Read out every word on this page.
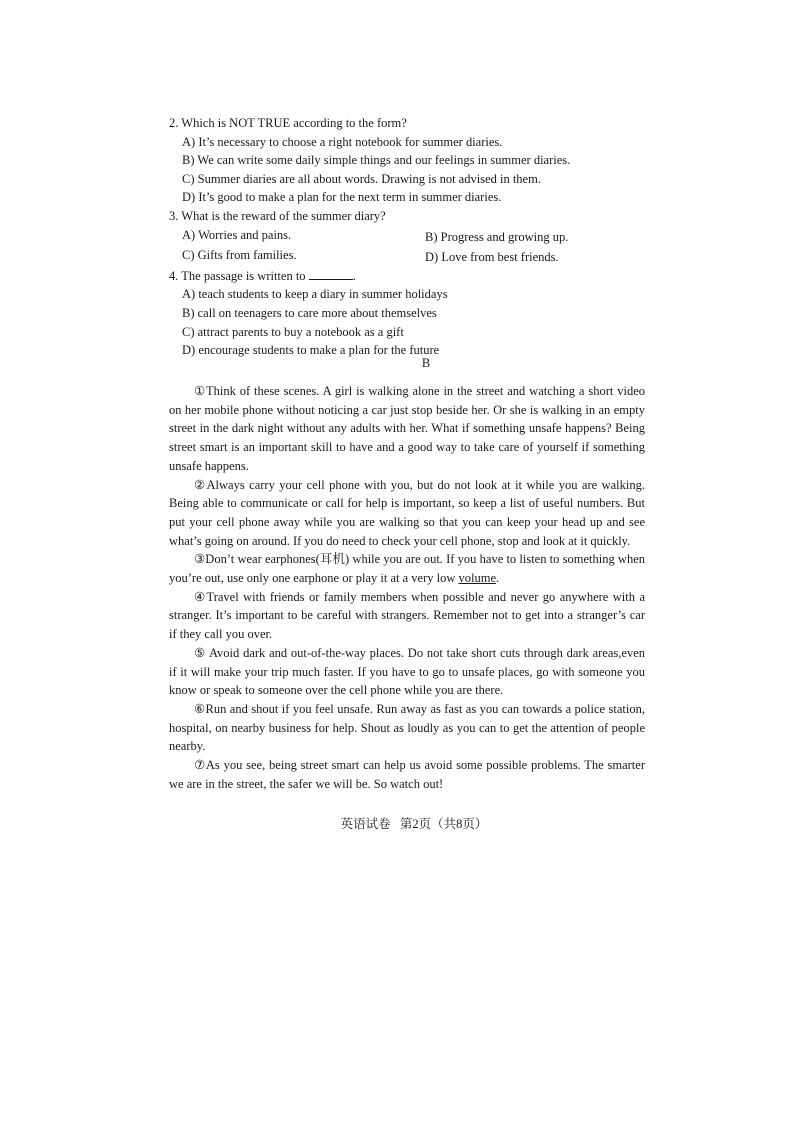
2. Which is NOT TRUE according to the form?

A) It’s necessary to choose a right notebook for summer diaries.

B) We can write some daily simple things and our feelings in summer diaries.

C) Summer diaries are all about words. Drawing is not advised in them.

D) It’s good to make a plan for the next term in summer diaries.

3. What is the reward of the summer diary?

A) Worries and pains.	B) Progress and growing up.

C) Gifts from families.	D) Love from best friends.

4. The passage is written to	.

A) teach students to keep a diary in summer holidays

B) call on teenagers to care more about themselves

C) attract parents to buy a notebook as a gift

D) encourage students to make a plan for the future

B

①Think of these scenes. A girl is walking alone in the street and watching a short video on her mobile phone without noticing a car just stop beside her. Or she is walking in an empty street in the dark night without any adults with her. What if something unsafe happens? Being street smart is an important skill to have and a good way to take care of yourself if something unsafe happens.

②Always carry your cell phone with you, but do not look at it while you are walking. Being able to communicate or call for help is important, so keep a list of useful numbers. But put your cell phone away while you are walking so that you can keep your head up and see what’s going on around. If you do need to check your cell phone, stop and look at it quickly.

③Don’t wear earphones(耳机) while you are out. If you have to listen to something when you’re out, use only one earphone or play it at a very low volume.

④Travel with friends or family members when possible and never go anywhere with a stranger. It’s important to be careful with strangers. Remember not to get into a stranger’s car if they call you over.

⑤ Avoid dark and out-of-the-way places. Do not take short cuts through dark areas,even if it will make your trip much faster. If you have to go to unsafe places, go with someone you know or speak to someone over the cell phone while you are there.

⑥Run and shout if you feel unsafe. Run away as fast as you can towards a police station, hospital, on nearby business for help. Shout as loudly as you can to get the attention of people nearby.

⑦As you see, being street smart can help us avoid some possible problems. The smarter we are in the street, the safer we will be. So watch out!

英语试卷 第2页（共8页）
